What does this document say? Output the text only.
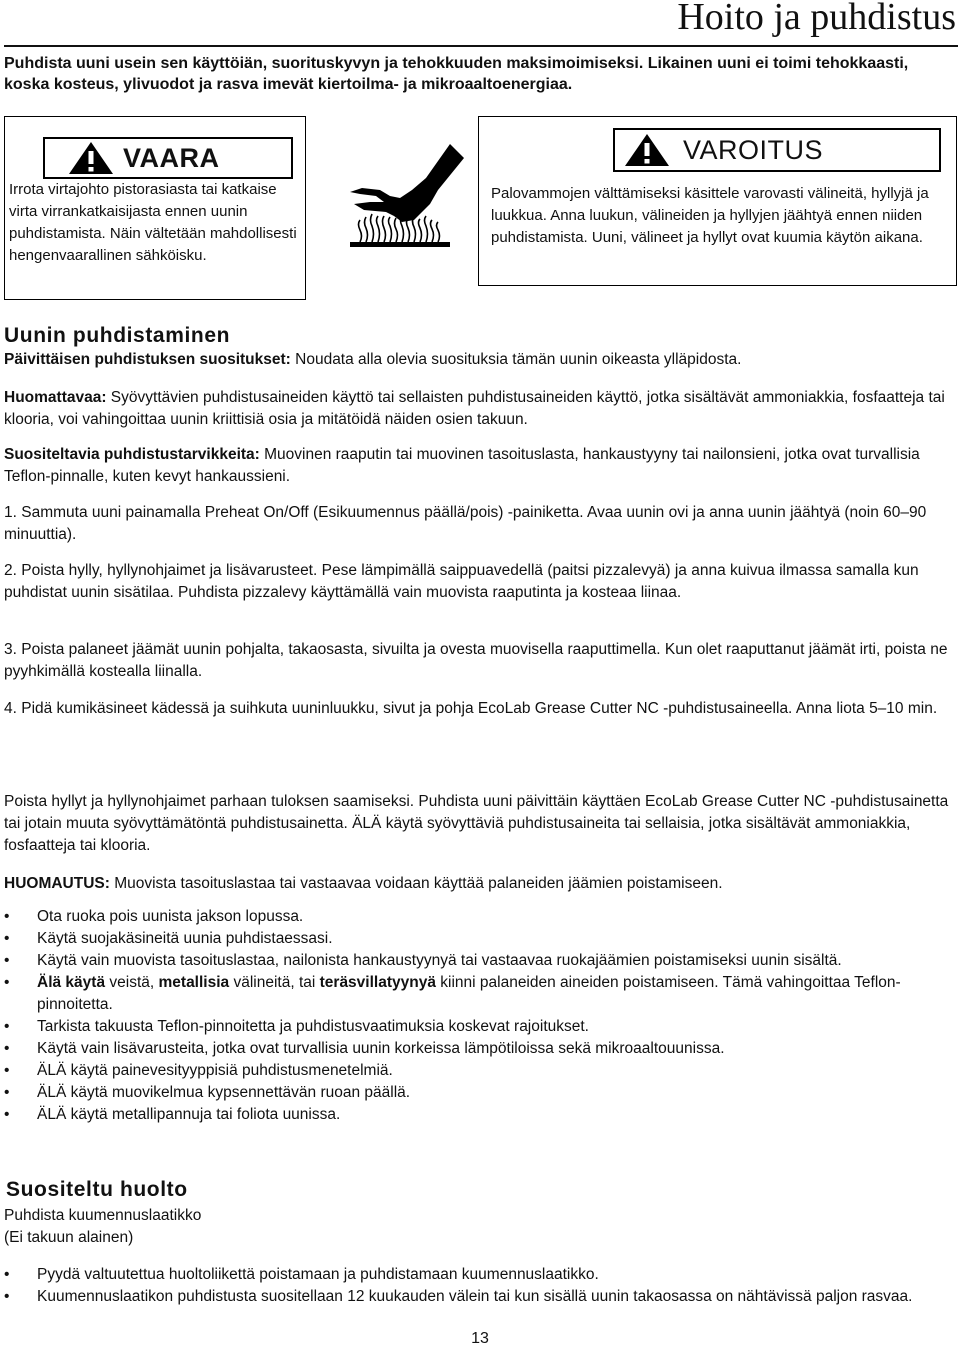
Hoito ja puhdistus
Puhdista uuni usein sen käyttöiän, suorituskyvyn ja tehokkuuden maksimoimiseksi. Likainen uuni ei toimi tehokkaasti, koska kosteus, ylivuodot ja rasva imevät kiertoilma- ja mikroaaltoenergiaa.
VAARA
Irrota virtajohto pistorasiasta tai katkaise virta virrankatkaisijasta ennen uunin puhdistamista. Näin vältetään mahdollisesti hengenvaarallinen sähköisku.
VAROITUS
Palovammojen välttämiseksi käsittele varovasti välineitä, hyllyjä ja luukkua. Anna luukun, välineiden ja hyllyjen jäähtyä ennen niiden puhdistamista. Uuni, välineet ja hyllyt ovat kuumia käytön aikana.
Uunin puhdistaminen
Päivittäisen puhdistuksen suositukset: Noudata alla olevia suosituksia tämän uunin oikeasta ylläpidosta.
Huomattavaa: Syövyttävien puhdistusaineiden käyttö tai sellaisten puhdistusaineiden käyttö, jotka sisältävät ammoniakkia, fosfaatteja tai klooria, voi vahingoittaa uunin kriittisiä osia ja mitätöidä näiden osien takuun.
Suositeltavia puhdistustarvikkeita: Muovinen raaputin tai muovinen tasoituslasta, hankaustyyny tai nailonsieni, jotka ovat turvallisia Teflon-pinnalle, kuten kevyt hankaussieni.
1. Sammuta uuni painamalla Preheat On/Off (Esikuumennus päällä/pois) -painiketta. Avaa uunin ovi ja anna uunin jäähtyä (noin 60–90 minuuttia).
2. Poista hylly, hyllynohjaimet ja lisävarusteet. Pese lämpimällä saippuavedellä (paitsi pizzalevyä) ja anna kuivua ilmassa samalla kun puhdistat uunin sisätilaa. Puhdista pizzalevy käyttämällä vain muovista raaputinta ja kosteaa liinaa.
3. Poista palaneet jäämät uunin pohjalta, takaosasta, sivuilta ja ovesta muovisella raaputtimella. Kun olet raaputtanut jäämät irti, poista ne pyyhkimällä kostealla liinalla.
4. Pidä kumikäsineet kädessä ja suihkuta uuninluukku, sivut ja pohja EcoLab Grease Cutter NC -puhdistusaineella. Anna liota 5–10 min.
Poista hyllyt ja hyllynohjaimet parhaan tuloksen saamiseksi. Puhdista uuni päivittäin käyttäen EcoLab Grease Cutter NC -puhdistusainetta tai jotain muuta syövyttämätöntä puhdistusainetta. ÄLÄ käytä syövyttäviä puhdistusaineita tai sellaisia, jotka sisältävät ammoniakkia, fosfaatteja tai klooria.
HUOMAUTUS: Muovista tasoituslastaa tai vastaavaa voidaan käyttää palaneiden jäämien poistamiseen.
• Ota ruoka pois uunista jakson lopussa.
• Käytä suojakäsineitä uunia puhdistaessasi.
• Käytä vain muovista tasoituslastaa, nailonista hankaustyynyä tai vastaavaa ruokajäämien poistamiseksi uunin sisältä.
• Älä käytä veistä, metallisia välineitä, tai teräsvillatyynyä kiinni palaneiden aineiden poistamiseen. Tämä vahingoittaa Teflon-pinnoitetta.
• Tarkista takuusta Teflon-pinnoitetta ja puhdistusvaatimuksia koskevat rajoitukset.
• Käytä vain lisävarusteita, jotka ovat turvallisia uunin korkeissa lämpötiloissa sekä mikroaaltouunissa.
• ÄLÄ käytä painevesityyppisiä puhdistusmenetelmiä.
• ÄLÄ käytä muovikelmua kypsennettävän ruoan päällä.
• ÄLÄ käytä metallipannuja tai foliota uunissa.
Suositeltu huolto
Puhdista kuumennuslaatikko
(Ei takuun alainen)
• Pyydä valtuutettua huoltoliikettä poistamaan ja puhdistamaan kuumennuslaatikko.
• Kuumennuslaatikon puhdistusta suositellaan 12 kuukauden välein tai kun sisällä uunin takaosassa on nähtävissä paljon rasvaa.
13
